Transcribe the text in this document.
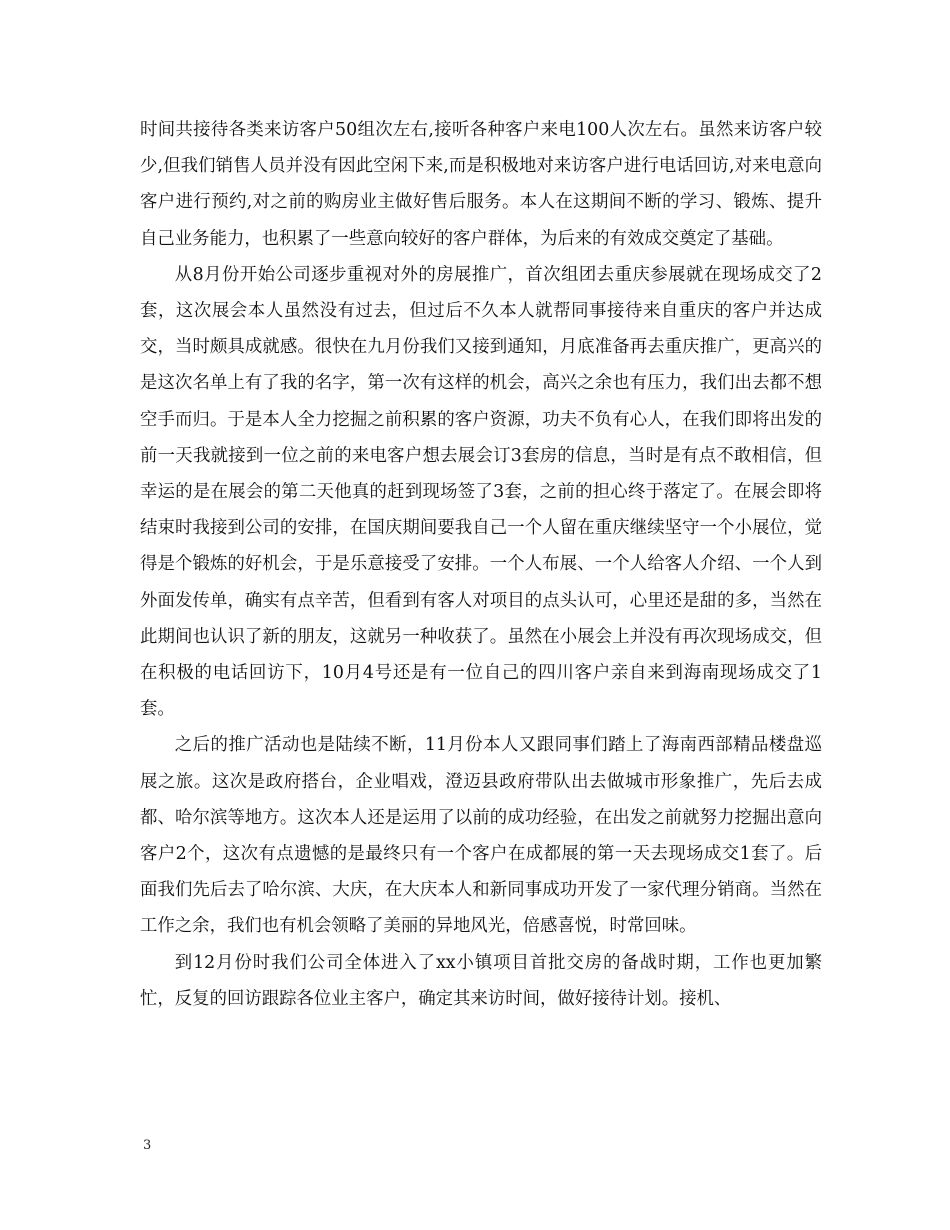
时间共接待各类来访客户50组次左右,接听各种客户来电100人次左右。虽然来访客户较少,但我们销售人员并没有因此空闲下来,而是积极地对来访客户进行电话回访,对来电意向客户进行预约,对之前的购房业主做好售后服务。本人在这期间不断的学习、锻炼、提升自己业务能力，也积累了一些意向较好的客户群体，为后来的有效成交奠定了基础。

从8月份开始公司逐步重视对外的房展推广，首次组团去重庆参展就在现场成交了2套，这次展会本人虽然没有过去，但过后不久本人就帮同事接待来自重庆的客户并达成交，当时颇具成就感。很快在九月份我们又接到通知，月底准备再去重庆推广，更高兴的是这次名单上有了我的名字，第一次有这样的机会，高兴之余也有压力，我们出去都不想空手而归。于是本人全力挖掘之前积累的客户资源，功夫不负有心人，在我们即将出发的前一天我就接到一位之前的来电客户想去展会订3套房的信息，当时是有点不敢相信，但幸运的是在展会的第二天他真的赶到现场签了3套，之前的担心终于落定了。在展会即将结束时我接到公司的安排，在国庆期间要我自己一个人留在重庆继续坚守一个小展位，觉得是个锻炼的好机会，于是乐意接受了安排。一个人布展、一个人给客人介绍、一个人到外面发传单，确实有点辛苦，但看到有客人对项目的点头认可，心里还是甜的多，当然在此期间也认识了新的朋友，这就另一种收获了。虽然在小展会上并没有再次现场成交，但在积极的电话回访下，10月4号还是有一位自己的四川客户亲自来到海南现场成交了1套。

之后的推广活动也是陆续不断，11月份本人又跟同事们踏上了海南西部精品楼盘巡展之旅。这次是政府搭台，企业唱戏，澄迈县政府带队出去做城市形象推广，先后去成都、哈尔滨等地方。这次本人还是运用了以前的成功经验，在出发之前就努力挖掘出意向客户2个，这次有点遗憾的是最终只有一个客户在成都展的第一天去现场成交1套了。后面我们先后去了哈尔滨、大庆，在大庆本人和新同事成功开发了一家代理分销商。当然在工作之余，我们也有机会领略了美丽的异地风光，倍感喜悦，时常回味。

到12月份时我们公司全体进入了xx小镇项目首批交房的备战时期，工作也更加繁忙，反复的回访跟踪各位业主客户，确定其来访时间，做好接待计划。接机、

3
